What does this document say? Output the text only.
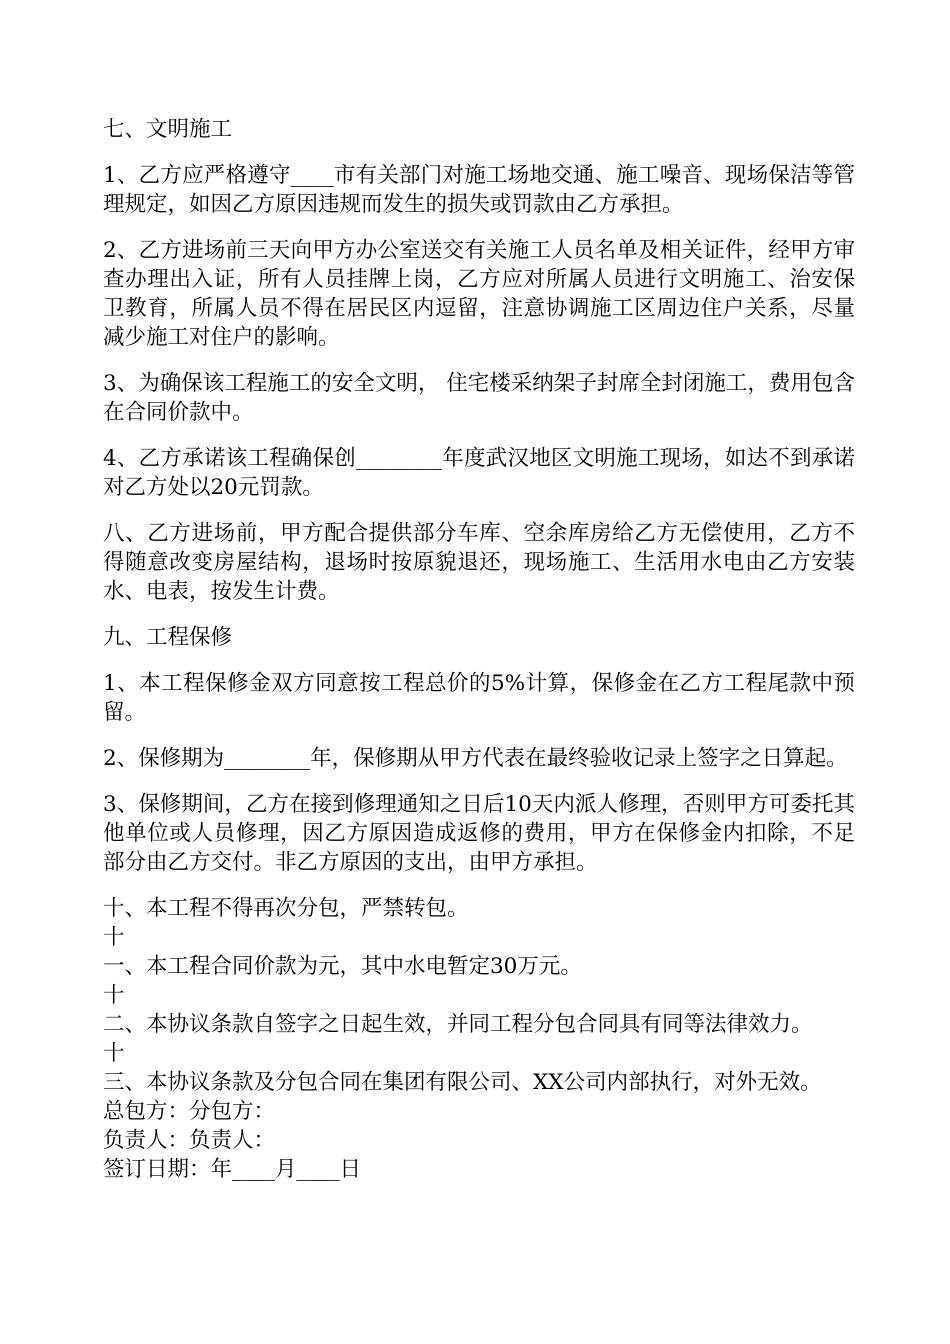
七、文明施工

1、乙方应严格遵守____市有关部门对施工场地交通、施工噪音、现场保洁等管理规定，如因乙方原因违规而发生的损失或罚款由乙方承担。

2、乙方进场前三天向甲方办公室送交有关施工人员名单及相关证件，经甲方审查办理出入证，所有人员挂牌上岗，乙方应对所属人员进行文明施工、治安保卫教育，所属人员不得在居民区内逗留，注意协调施工区周边住户关系，尽量减少施工对住户的影响。

3、为确保该工程施工的安全文明， 住宅楼采纳架子封席全封闭施工，费用包含在合同价款中。

4、乙方承诺该工程确保创________年度武汉地区文明施工现场，如达不到承诺对乙方处以20元罚款。

八、乙方进场前，甲方配合提供部分车库、空余库房给乙方无偿使用，乙方不得随意改变房屋结构，退场时按原貌退还，现场施工、生活用水电由乙方安装水、电表，按发生计费。

九、工程保修

1、本工程保修金双方同意按工程总价的5%计算，保修金在乙方工程尾款中预留。

2、保修期为________年，保修期从甲方代表在最终验收记录上签字之日算起。

3、保修期间，乙方在接到修理通知之日后10天内派人修理，否则甲方可委托其他单位或人员修理，因乙方原因造成返修的费用，甲方在保修金内扣除，不足部分由乙方交付。非乙方原因的支出，由甲方承担。

十、本工程不得再次分包，严禁转包。

十

一、本工程合同价款为元，其中水电暂定30万元。

十

二、本协议条款自签字之日起生效，并同工程分包合同具有同等法律效力。

十

三、本协议条款及分包合同在集团有限公司、XX公司内部执行，对外无效。

总包方：分包方：

负责人：负责人：

签订日期：年____月____日
